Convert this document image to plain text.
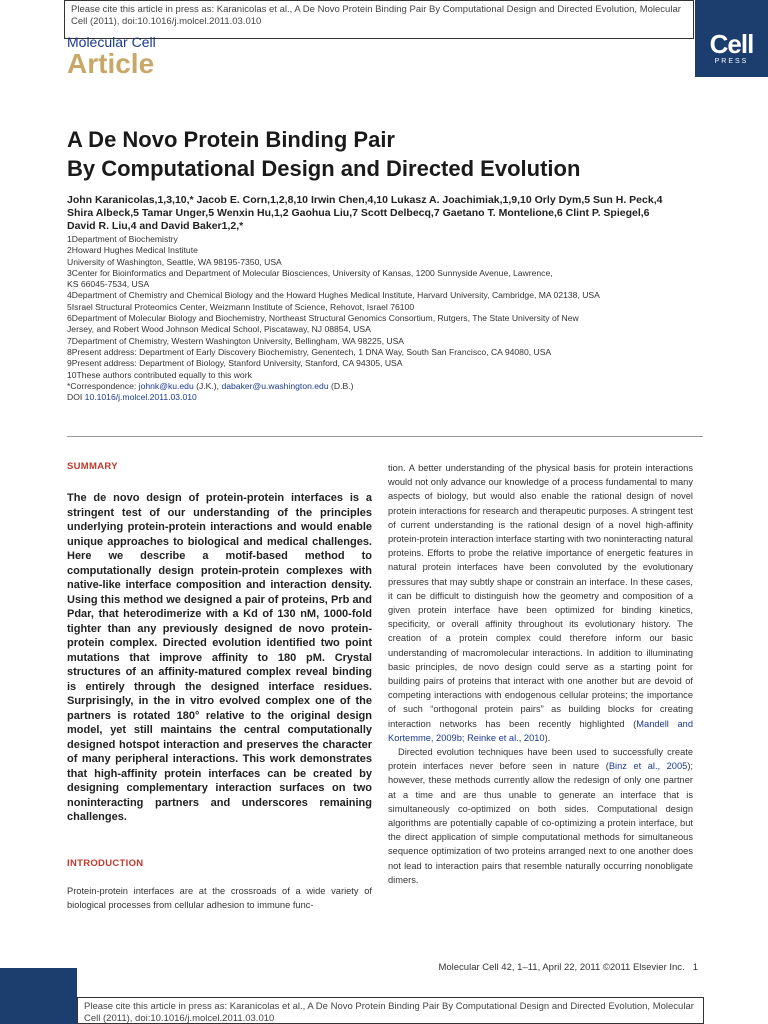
Please cite this article in press as: Karanicolas et al., A De Novo Protein Binding Pair By Computational Design and Directed Evolution, Molecular Cell (2011), doi:10.1016/j.molcel.2011.03.010
Molecular Cell
Article
Cell
PRESS
A De Novo Protein Binding Pair
By Computational Design and Directed Evolution

John Karanicolas,1,3,10,* Jacob E. Corn,1,2,8,10 Irwin Chen,4,10 Lukasz A. Joachimiak,1,9,10 Orly Dym,5 Sun H. Peck,4

Shira Albeck,5 Tamar Unger,5 Wenxin Hu,1,2 Gaohua Liu,7 Scott Delbecq,7 Gaetano T. Montelione,6 Clint P. Spiegel,6

David R. Liu,4 and David Baker1,2,*

1Department of Biochemistry

2Howard Hughes Medical Institute

University of Washington, Seattle, WA 98195-7350, USA

3Center for Bioinformatics and Department of Molecular Biosciences, University of Kansas, 1200 Sunnyside Avenue, Lawrence,

KS 66045-7534, USA

4Department of Chemistry and Chemical Biology and the Howard Hughes Medical Institute, Harvard University, Cambridge, MA 02138, USA

5Israel Structural Proteomics Center, Weizmann Institute of Science, Rehovot, Israel 76100

6Department of Molecular Biology and Biochemistry, Northeast Structural Genomics Consortium, Rutgers, The State University of New

Jersey, and Robert Wood Johnson Medical School, Piscataway, NJ 08854, USA

7Department of Chemistry, Western Washington University, Bellingham, WA 98225, USA

8Present address: Department of Early Discovery Biochemistry, Genentech, 1 DNA Way, South San Francisco, CA 94080, USA

9Present address: Department of Biology, Stanford University, Stanford, CA 94305, USA

10These authors contributed equally to this work

*Correspondence: johnk@ku.edu (J.K.), dabaker@u.washington.edu (D.B.)

DOI 10.1016/j.molcel.2011.03.010

SUMMARY

The de novo design of protein-protein interfaces is a stringent test of our understanding of the principles underlying protein-protein interactions and would enable unique approaches to biological and medical challenges. Here we describe a motif-based method to computationally design protein-protein complexes with native-like interface composition and interaction density. Using this method we designed a pair of proteins, Prb and Pdar, that heterodimerize with a Kd of 130 nM, 1000-fold tighter than any previously designed de novo protein-protein complex. Directed evolution identified two point mutations that improve affinity to 180 pM. Crystal structures of an affinity-matured complex reveal binding is entirely through the designed interface residues. Surprisingly, in the in vitro evolved complex one of the partners is rotated 180° relative to the original design model, yet still maintains the central computationally designed hotspot interaction and preserves the character of many peripheral interactions. This work demonstrates that high-affinity protein interfaces can be created by designing complementary interaction surfaces on two noninteracting partners and underscores remaining challenges.

INTRODUCTION

Protein-protein interfaces are at the crossroads of a wide variety of biological processes from cellular adhesion to immune func-

tion. A better understanding of the physical basis for protein interactions would not only advance our knowledge of a process fundamental to many aspects of biology, but would also enable the rational design of novel protein interactions for research and therapeutic purposes. A stringent test of current understanding is the rational design of a novel high-affinity protein-protein interaction interface starting with two noninteracting natural proteins. Efforts to probe the relative importance of energetic features in natural protein interfaces have been convoluted by the evolutionary pressures that may subtly shape or constrain an interface. In these cases, it can be difficult to distinguish how the geometry and composition of a given protein interface have been optimized for binding kinetics, specificity, or overall affinity throughout its evolutionary history. The creation of a protein complex could therefore inform our basic understanding of macromolecular interactions. In addition to illuminating basic principles, de novo design could serve as a starting point for building pairs of proteins that interact with one another but are devoid of competing interactions with endogenous cellular proteins; the importance of such “orthogonal protein pairs” as building blocks for creating interaction networks has been recently highlighted (Mandell and Kortemme, 2009b; Reinke et al., 2010).

Directed evolution techniques have been used to successfully create protein interfaces never before seen in nature (Binz et al., 2005); however, these methods currently allow the redesign of only one partner at a time and are thus unable to generate an interface that is simultaneously co-optimized on both sides. Computational design algorithms are potentially capable of co-optimizing a protein interface, but the direct application of simple computational methods for simultaneous sequence optimization of two proteins arranged next to one another does not lead to interaction pairs that resemble naturally occurring nonobligate dimers.

Molecular Cell 42, 1–11, April 22, 2011 ©2011 Elsevier Inc. 1
Please cite this article in press as: Karanicolas et al., A De Novo Protein Binding Pair By Computational Design and Directed Evolution, Molecular Cell (2011), doi:10.1016/j.molcel.2011.03.010
